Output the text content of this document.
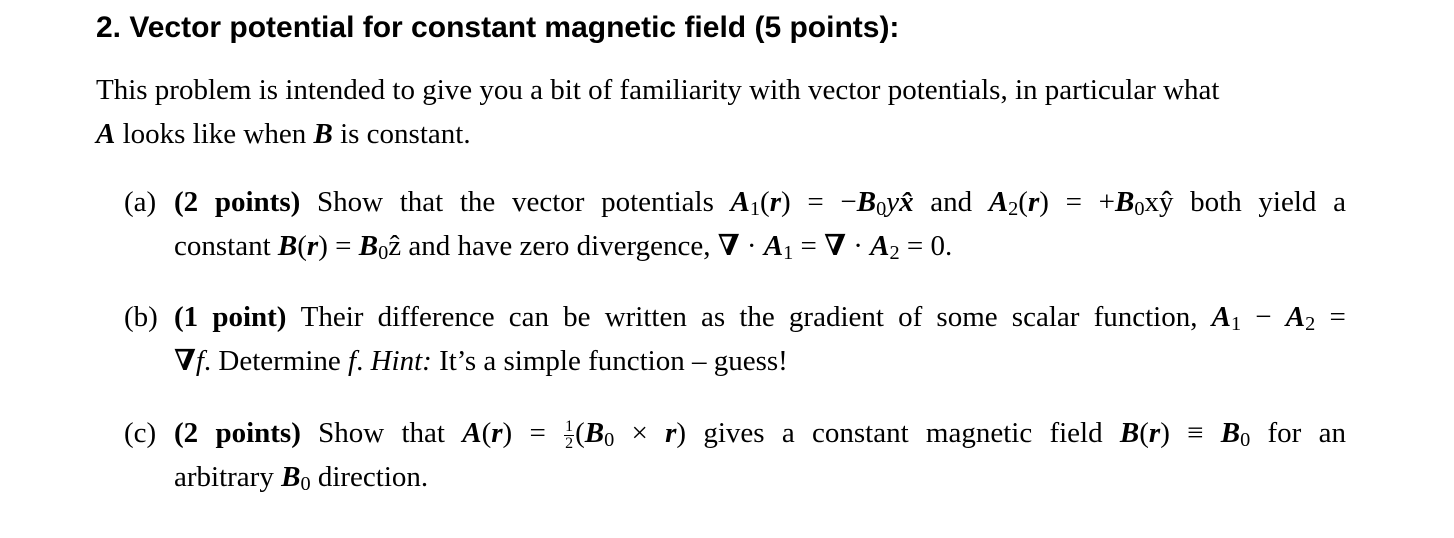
2. Vector potential for constant magnetic field (5 points):

This problem is intended to give you a bit of familiarity with vector potentials, in particular what
A looks like when B is constant.

(a) (2 points) Show that the vector potentials $A_1(r)$ = $-B_0yx̂$ and $A_2(r)$ = $+B_0xŷ$ both yield a
constant $B(r) = B_0ẑ$ and have zero divergence, ∇ · $A_1$ = ∇ · $A_2 = 0$.
(b) (1 point) Their difference can be written as the gradient of some scalar function, $A_1 - A_2$ =
∇f. Determine f. Hint: It’s a simple function – guess!
(c) (2 points) Show that $A(r) = \frac{1}{2} (B_0 \times r)$ gives a constant magnetic field $B(r) \equiv B_0$ for an
arbitrary $B_0$ direction.
